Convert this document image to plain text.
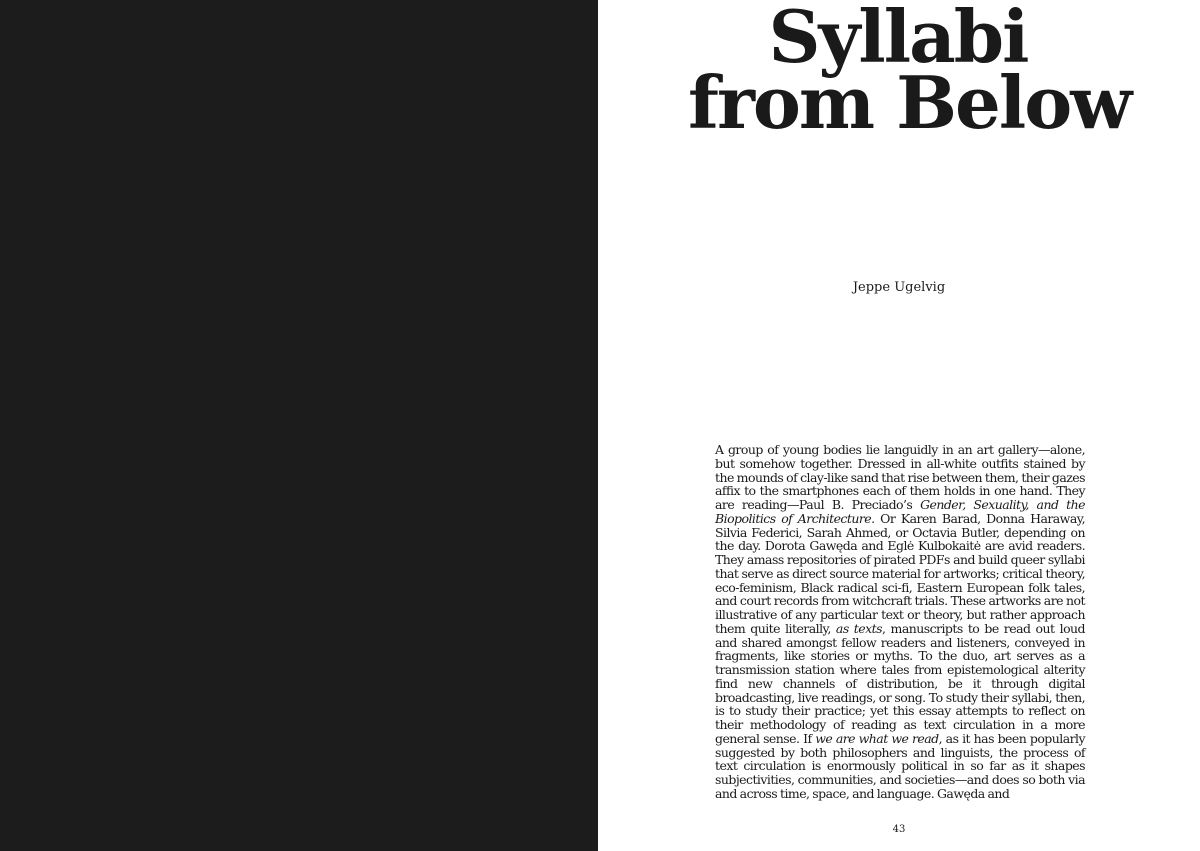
Syllabi
from Below
Jeppe Ugelvig

A group of young bodies lie languidly in an art gallery—alone, but somehow together. Dressed in all-white outfits stained by the mounds of clay-like sand that rise between them, their gazes affix to the smartphones each of them holds in one hand. They are reading—Paul B. Preciado’s Gender, Sexuality, and the Biopolitics of Architecture. Or Karen Barad, Donna Haraway, Silvia Federici, Sarah Ahmed, or Octavia Butler, depending on the day. Dorota Gawęda and Eglė Kulbokaitė are avid readers. They amass repositories of pirated PDFs and build queer syllabi that serve as direct source material for artworks; critical theory, eco-feminism, Black radical sci-fi, Eastern European folk tales, and court records from witchcraft trials. These artworks are not illustrative of any particular text or theory, but rather approach them quite literally, as texts, manuscripts to be read out loud and shared amongst fellow readers and listeners, conveyed in fragments, like stories or myths. To the duo, art serves as a transmission station where tales from epistemological alterity find new channels of distribution, be it through digital broadcasting, live readings, or song. To study their syllabi, then, is to study their practice; yet this essay attempts to reflect on their methodology of reading as text circulation in a more general sense. If we are what we read, as it has been popularly suggested by both philosophers and linguists, the process of text circulation is enormously political in so far as it shapes subjectivities, communities, and societies—and does so both via and across time, space, and language. Gawęda and

43
